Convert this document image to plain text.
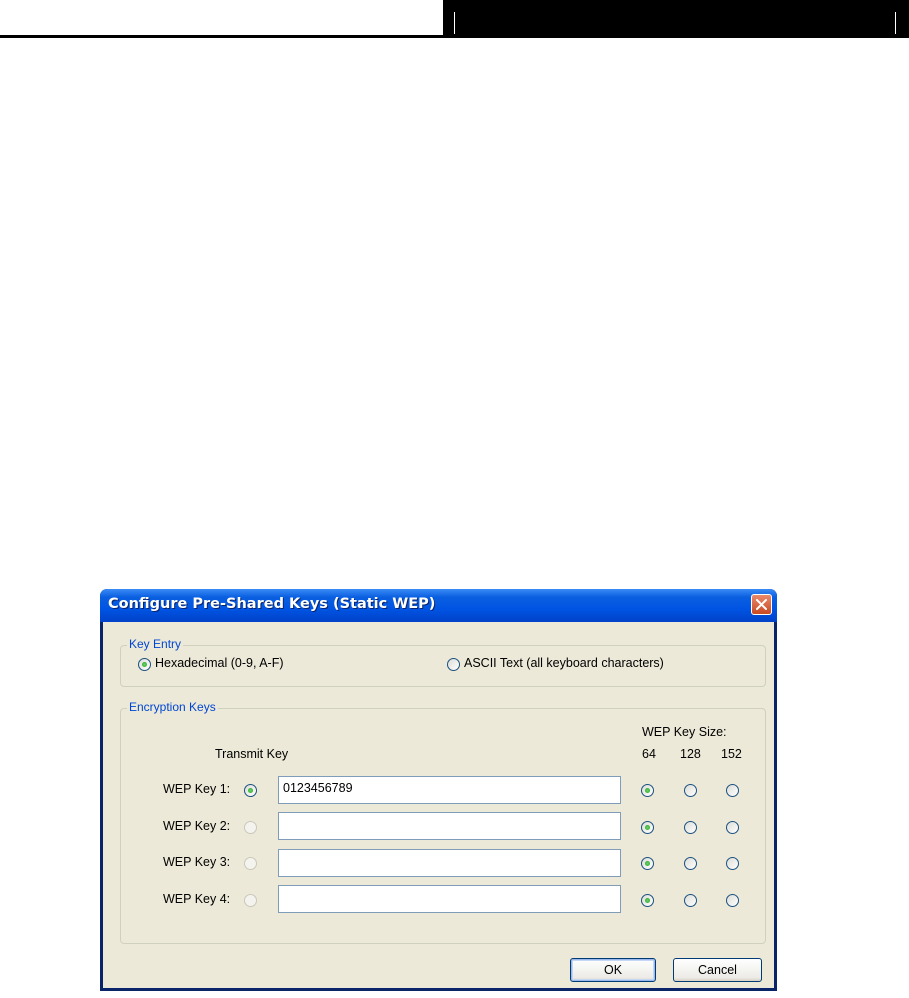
Configure Pre-Shared Keys (Static WEP)
Key Entry
Hexadecimal (0-9, A-F)	ASCII Text (all keyboard characters)
Encryption Keys
Transmit Key
WEP Key Size:
64 128 152
WEP Key 1:	0123456789
WEP Key 2:
WEP Key 3:
WEP Key 4:
OK	Cancel
